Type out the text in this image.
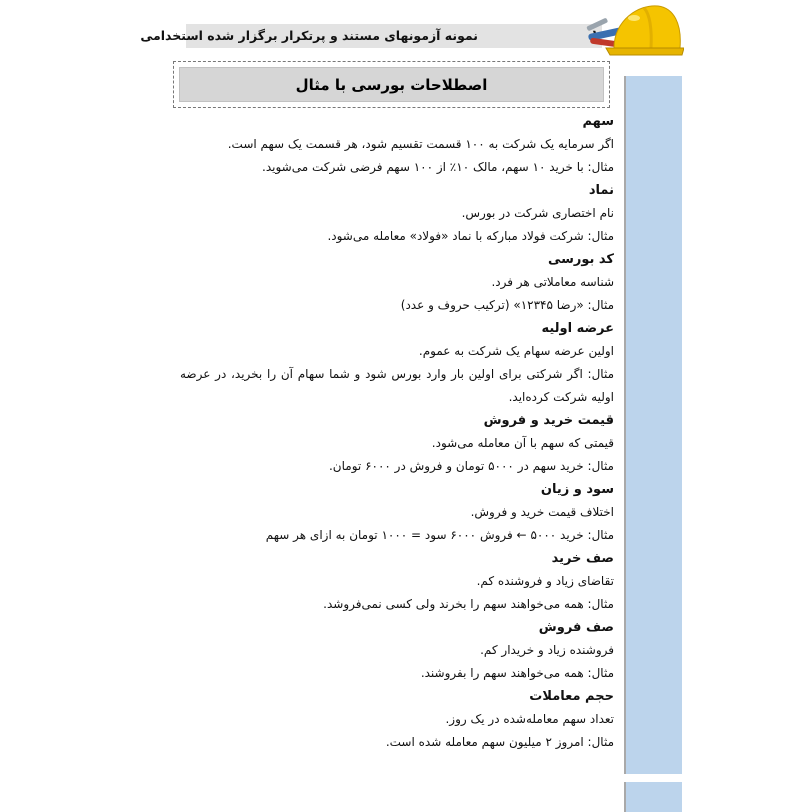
نمونه آزمونهای مستند و پرتکرار برگزار شده استخدامی
اصطلاحات بورسی با مثال
سهم
اگر سرمایه یک شرکت به ۱۰۰ قسمت تقسیم شود، هر قسمت یک سهم است.
مثال: با خرید ۱۰ سهم، مالک ۱۰٪ از ۱۰۰ سهم فرضی شرکت می‌شوید.
نماد
نام اختصاری شرکت در بورس.
مثال: شرکت فولاد مبارکه با نماد «فولاد» معامله می‌شود.
کد بورسی
شناسه معاملاتی هر فرد.
مثال: «رضا ۱۲۳۴۵» (ترکیب حروف و عدد)
عرضه اولیه
اولین عرضه سهام یک شرکت به عموم.
مثال: اگر شرکتی برای اولین بار وارد بورس شود و شما سهام آن را بخرید، در عرضه اولیه شرکت کرده‌اید.
قیمت خرید و فروش
قیمتی که سهم با آن معامله می‌شود.
مثال: خرید سهم در ۵۰۰۰ تومان و فروش در ۶۰۰۰ تومان.
سود و زیان
اختلاف قیمت خرید و فروش.
مثال: خرید ۵۰۰۰ ← فروش ۶۰۰۰ سود = ۱۰۰۰ تومان به ازای هر سهم
صف خرید
تقاضای زیاد و فروشنده کم.
مثال: همه می‌خواهند سهم را بخرند ولی کسی نمی‌فروشد.
صف فروش
فروشنده زیاد و خریدار کم.
مثال: همه می‌خواهند سهم را بفروشند.
حجم معاملات
تعداد سهم معامله‌شده در یک روز.
مثال: امروز ۲ میلیون سهم معامله شده است.
